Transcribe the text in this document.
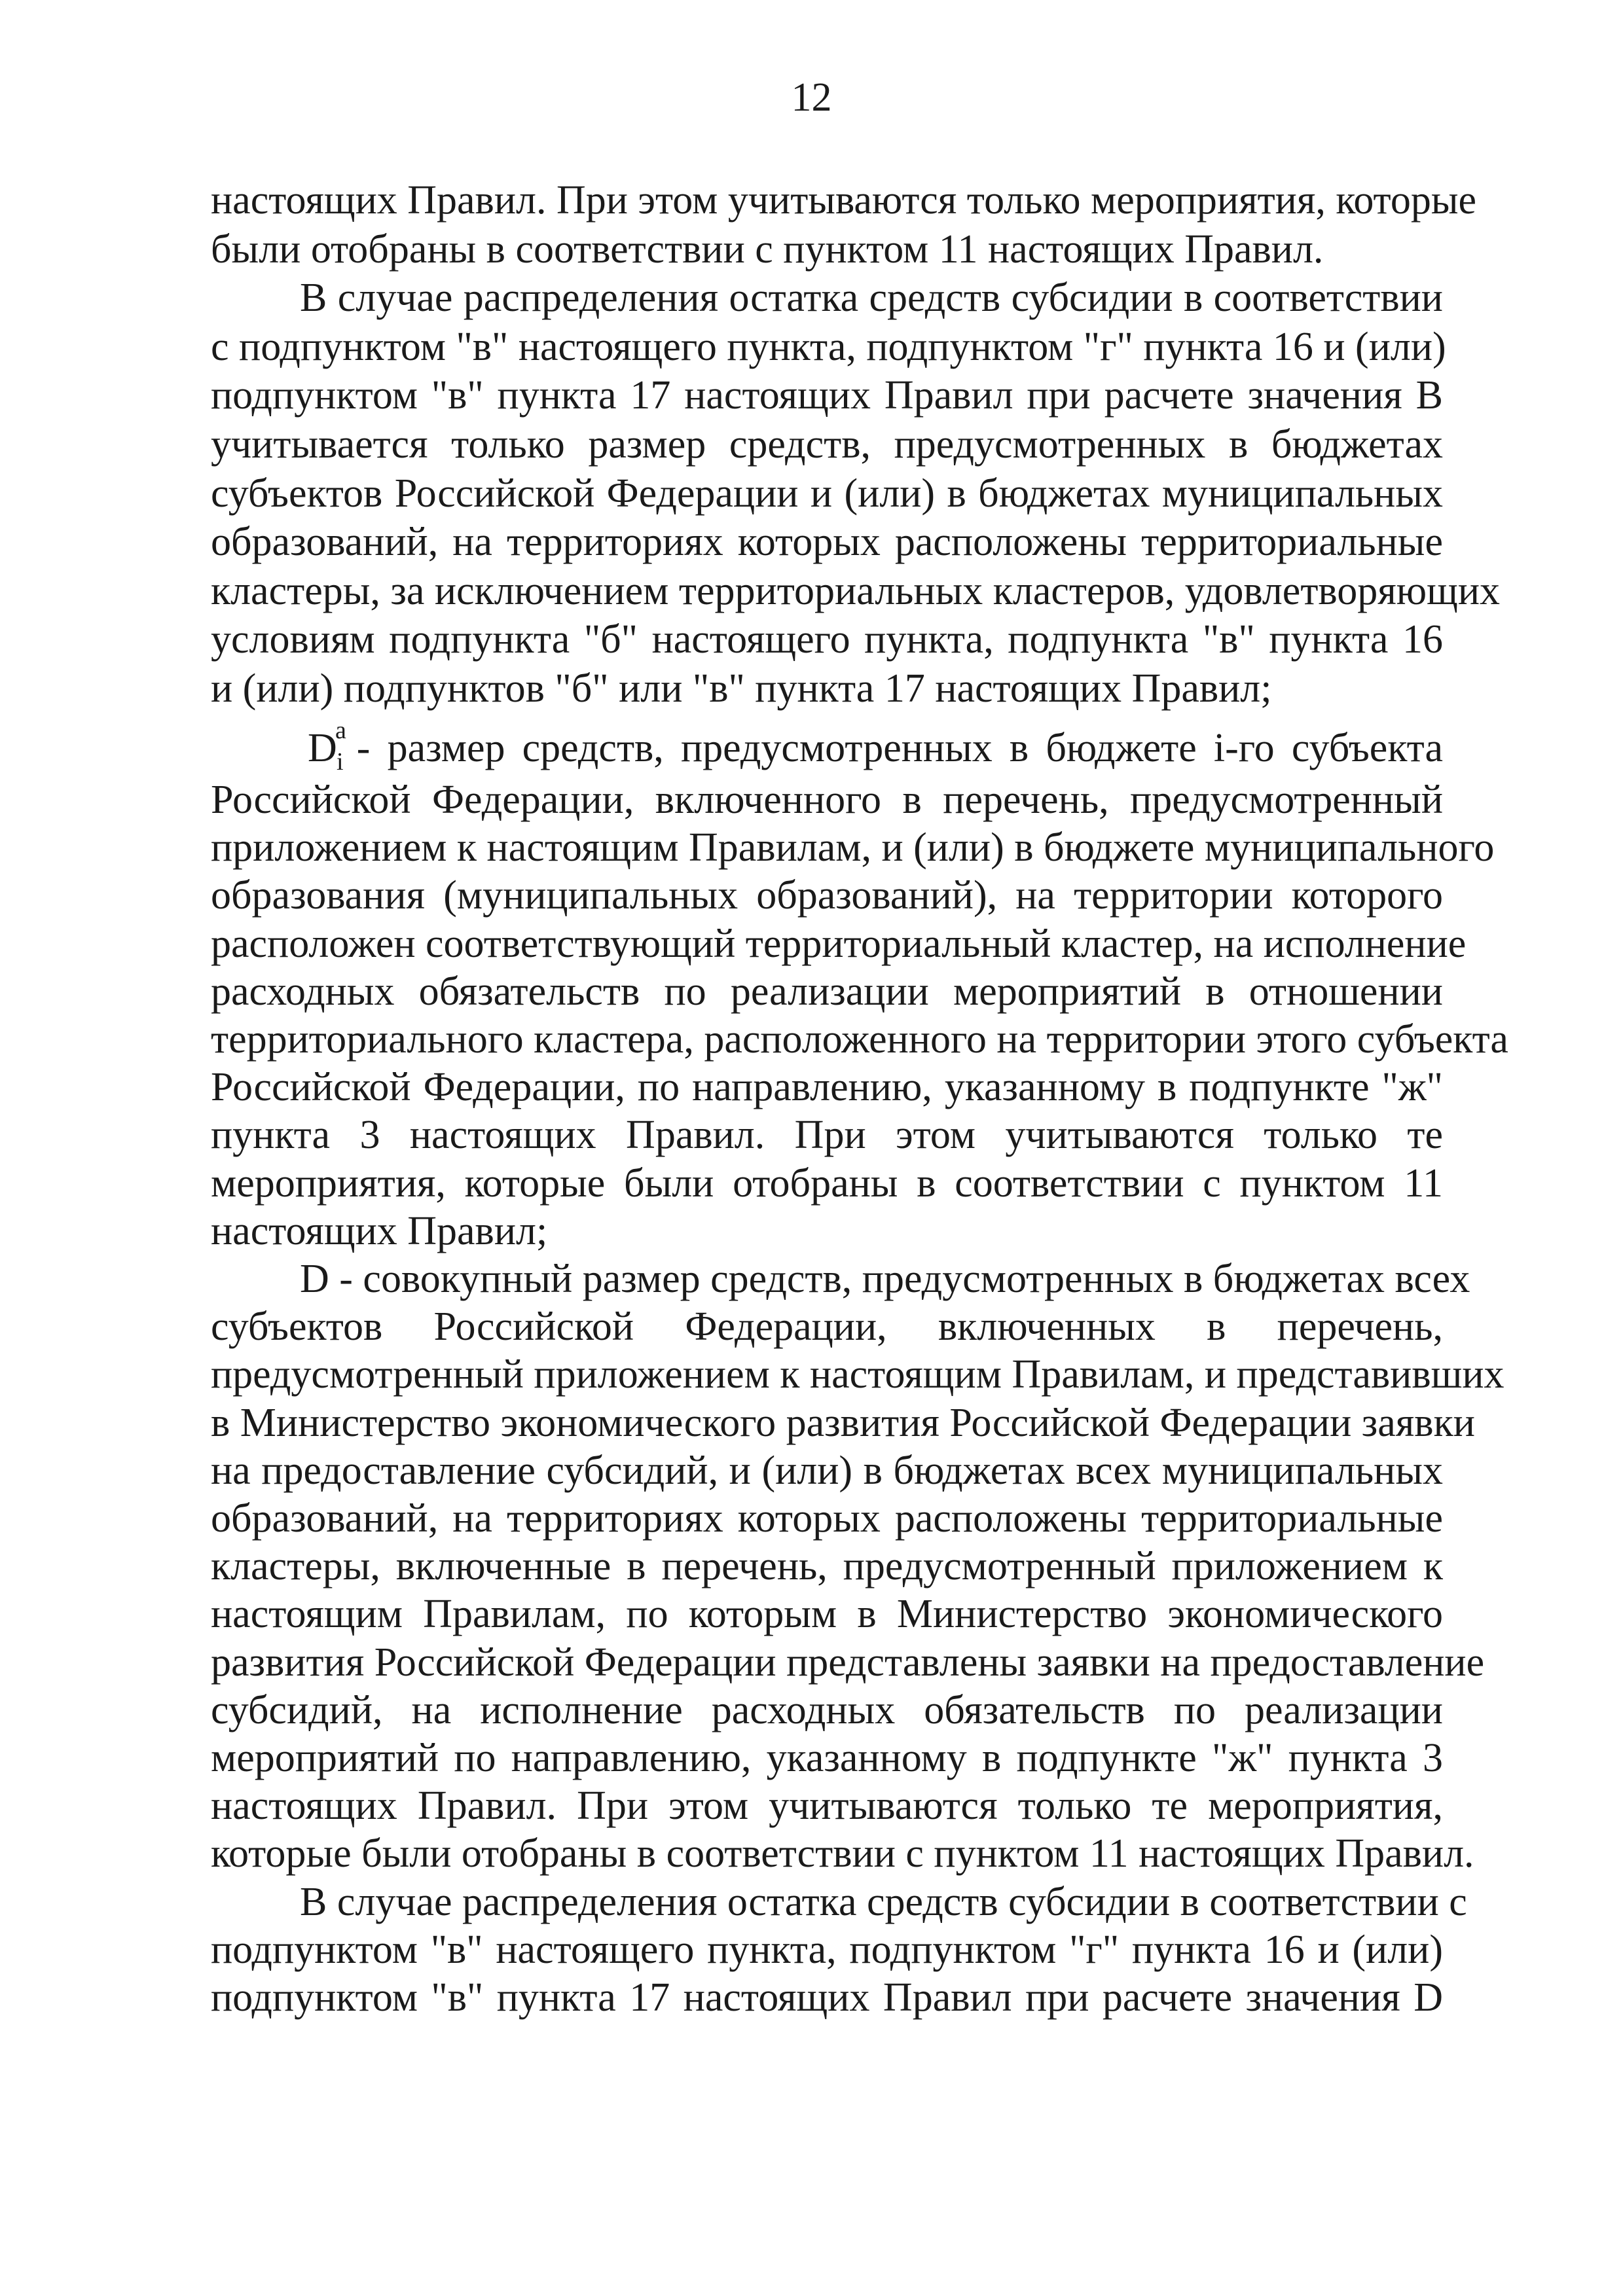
12
D
a
i - размер средств, предусмотренных в бюджете i-го субъекта
настоящих Правил. При этом учитываются только мероприятия, которые
были отобраны в соответствии с пунктом 11 настоящих Правил.
В случае распределения остатка средств субсидии в соответствии
с подпунктом "в" настоящего пункта, подпунктом "г" пункта 16 и (или)
подпунктом "в" пункта 17 настоящих Правил при расчете значения B
учитывается только размер средств, предусмотренных в бюджетах
субъектов Российской Федерации и (или) в бюджетах муниципальных
образований, на территориях которых расположены территориальные
кластеры, за исключением территориальных кластеров, удовлетворяющих
условиям подпункта "б" настоящего пункта, подпункта "в" пункта 16
и (или) подпунктов "б" или "в" пункта 17 настоящих Правил;
Российской Федерации, включенного в перечень, предусмотренный
приложением к настоящим Правилам, и (или) в бюджете муниципального
образования (муниципальных образований), на территории которого
расположен соответствующий территориальный кластер, на исполнение
расходных обязательств по реализации мероприятий в отношении
территориального кластера, расположенного на территории этого субъекта
Российской Федерации, по направлению, указанному в подпункте "ж"
пункта 3 настоящих Правил. При этом учитываются только те
мероприятия, которые были отобраны в соответствии с пунктом 11
настоящих Правил;
D - совокупный размер средств, предусмотренных в бюджетах всех
субъектов Российской Федерации, включенных в перечень,
предусмотренный приложением к настоящим Правилам, и представивших
в Министерство экономического развития Российской Федерации заявки
на предоставление субсидий, и (или) в бюджетах всех муниципальных
образований, на территориях которых расположены территориальные
кластеры, включенные в перечень, предусмотренный приложением к
настоящим Правилам, по которым в Министерство экономического
развития Российской Федерации представлены заявки на предоставление
субсидий, на исполнение расходных обязательств по реализации
мероприятий по направлению, указанному в подпункте "ж" пункта 3
настоящих Правил. При этом учитываются только те мероприятия,
которые были отобраны в соответствии с пунктом 11 настоящих Правил.
В случае распределения остатка средств субсидии в соответствии с
подпунктом "в" настоящего пункта, подпунктом "г" пункта 16 и (или)
подпунктом "в" пункта 17 настоящих Правил при расчете значения D
